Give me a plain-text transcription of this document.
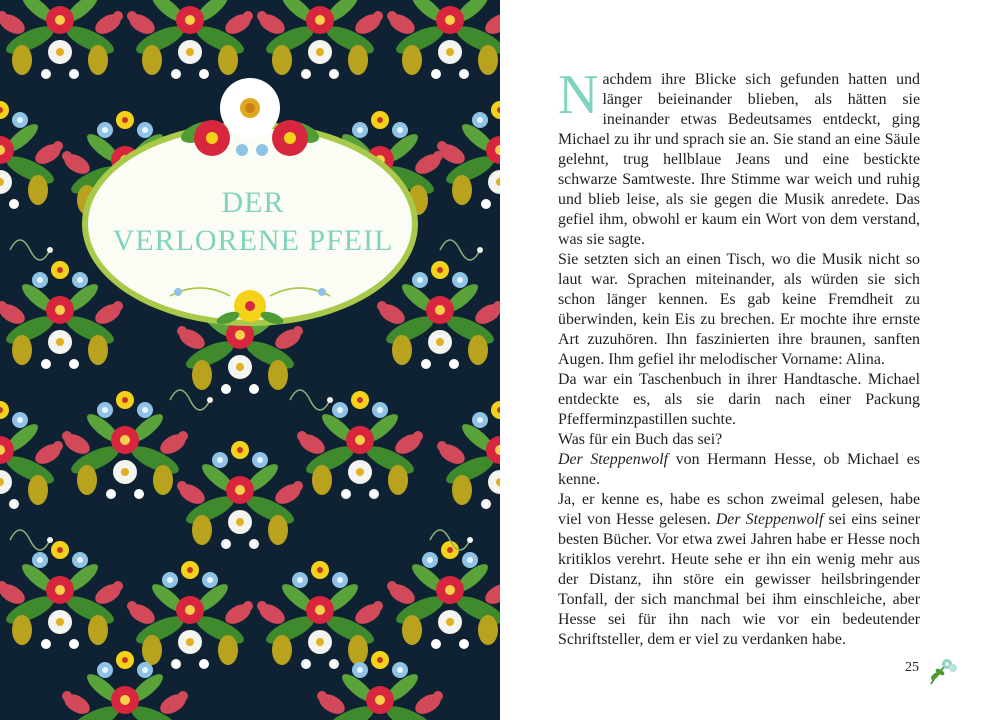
DER
VERLORENE PFEIL

Nachdem ihre Blicke sich gefunden hatten und länger beieinander blieben, als hätten sie ineinander etwas Bedeutsames entdeckt, ging Michael zu ihr und sprach sie an. Sie stand an eine Säule gelehnt, trug hellblaue Jeans und eine bestickte schwarze Samtweste. Ihre Stimme war weich und ruhig und blieb leise, als sie gegen die Musik anredete. Das gefiel ihm, obwohl er kaum ein Wort von dem verstand, was sie sagte.

Sie setzten sich an einen Tisch, wo die Musik nicht so laut war. Sprachen miteinander, als würden sie sich schon länger kennen. Es gab keine Fremdheit zu überwinden, kein Eis zu brechen. Er mochte ihre ernste Art zuzuhören. Ihn faszinierten ihre braunen, sanften Augen. Ihm gefiel ihr melodischer Vorname: Alina.

Da war ein Taschenbuch in ihrer Handtasche. Michael entdeckte es, als sie darin nach einer Packung Pfefferminzpastillen suchte.

Was für ein Buch das sei?

Der Steppenwolf von Hermann Hesse, ob Michael es kenne.

Ja, er kenne es, habe es schon zweimal gelesen, habe viel von Hesse gelesen. Der Steppenwolf sei eins seiner besten Bücher. Vor etwa zwei Jahren habe er Hesse noch kritiklos verehrt. Heute sehe er ihn ein wenig mehr aus der Distanz, ihn störe ein gewisser heilsbringender Tonfall, der sich manchmal bei ihm einschleiche, aber Hesse sei für ihn nach wie vor ein bedeutender Schriftsteller, dem er viel zu verdanken habe.

25
